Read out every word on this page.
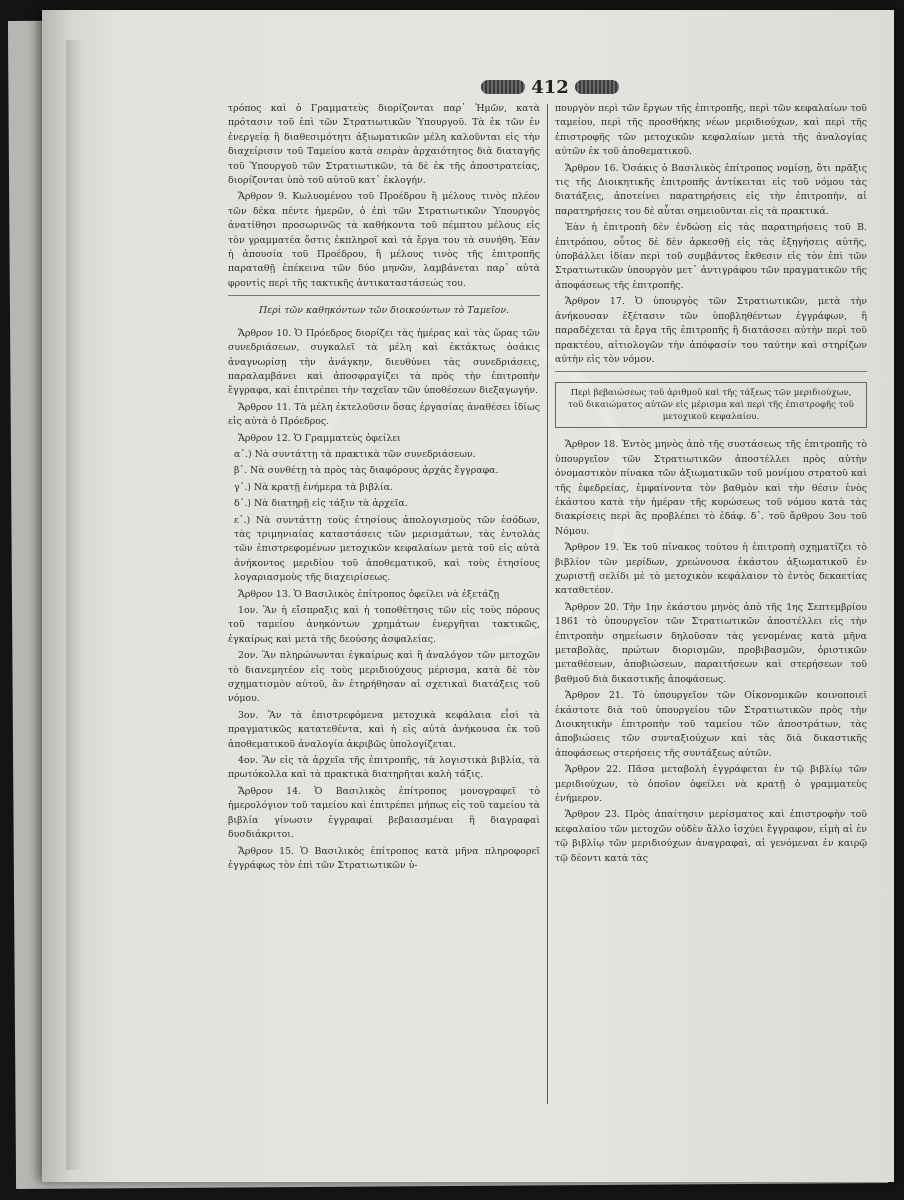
412

τρόπος καὶ ὁ Γραμματεὺς διορίζονται παρ᾽ Ἡμῶν, κατὰ πρότασιν τοῦ ἐπὶ τῶν Στρατιωτικῶν Ὑπουργοῦ. Τὰ ἐκ τῶν ἐν ἐνεργείᾳ ἢ διαθεσιμότητι ἀξιωματικῶν μέλη καλοῦνται εἰς τὴν διαχείρισιν τοῦ Ταμείου κατὰ σειρὰν ἀρχαιότητος διὰ διαταγῆς τοῦ Ὑπουργοῦ τῶν Στρατιωτικῶν, τὰ δὲ ἐκ τῆς ἀποστρατείας, διορίζονται ὑπὸ τοῦ αὐτοῦ κατ᾽ ἐκλογήν.

Ἄρθρον 9. Κωλυομένου τοῦ Προέδρου ἢ μέλους τινὸς πλέον τῶν δέκα πέντε ἡμερῶν, ὁ ἐπὶ τῶν Στρατιωτικῶν Ὑπουργὸς ἀνατίθησι προσωρινῶς τὰ καθήκοντα τοῦ πέμπτου μέλους εἰς τὸν γραμματέα ὅστις ἐκπληροῖ καὶ τὰ ἔργα του τὰ συνήθη. Ἐὰν ἡ ἀπουσία τοῦ Προέδρου, ἢ μέλους τινὸς τῆς ἐπιτροπῆς παραταθῇ ἐπέκεινα τῶν δύο μηνῶν, λαμβάνεται παρ᾽ αὐτὰ φροντὶς περὶ τῆς τακτικῆς ἀντικαταστάσεώς του.

Περὶ τῶν καθηκόντων τῶν διοικούντων τὸ Ταμεῖον.

Ἄρθρον 10. Ὁ Πρόεδρος διορίζει τὰς ἡμέρας καὶ τὰς ὥρας τῶν συνεδριάσεων, συγκαλεῖ τὰ μέλη καὶ ἐκτάκτως ὁσάκις ἀναγνωρίσῃ τὴν ἀνάγκην, διευθύνει τὰς συνεδριάσεις, παραλαμβάνει καὶ ἀποσφραγίζει τὰ πρὸς τὴν ἐπιτροπὴν ἔγγραφα, καὶ ἐπιτρέπει τὴν ταχεῖαν τῶν ὑποθέσεων διεξαγωγήν.

Ἄρθρον 11. Τὰ μέλη ἐκτελοῦσιν ὅσας ἐργασίας ἀναθέσει ἰδίως εἰς αὐτὰ ὁ Πρόεδρος.

Ἄρθρον 12. Ὁ Γραμματεὺς ὀφείλει

α᾽.) Νὰ συντάττῃ τὰ πρακτικὰ τῶν συνεδριάσεων.

β᾽. Νὰ συνθέτῃ τὰ πρὸς τὰς διαφόρους ἀρχὰς ἔγγραφα.

γ᾽.) Νὰ κρατῇ ἐνήμερα τὰ βιβλία.

δ᾽.) Νὰ διατηρῇ εἰς τάξιν τὰ ἀρχεῖα.

ε᾽.) Νὰ συντάττῃ τοὺς ἐτησίους ἀπολογισμοὺς τῶν ἐσόδων, τὰς τριμηνιαίας καταστάσεις τῶν μερισμάτων, τὰς ἐντολὰς τῶν ἐπιστρεφομένων μετοχικῶν κεφαλαίων μετὰ τοῦ εἰς αὐτὰ ἀνήκοντος μεριδίου τοῦ ἀποθεματικοῦ, καὶ τοὺς ἐτησίους λογαριασμοὺς τῆς διαχειρίσεως.

Ἄρθρον 13. Ὁ Βασιλικὸς ἐπίτροπος ὀφείλει νὰ ἐξετάζῃ

1ον. Ἂν ἡ εἴσπραξις καὶ ἡ τοποθέτησις τῶν εἰς τοὺς πόρους τοῦ ταμείου ἀνηκόντων χρημάτων ἐνεργῆται τακτικῶς, ἐγκαίρως καὶ μετὰ τῆς δεούσης ἀσφαλείας.

2ον. Ἂν πληρώνωνται ἐγκαίρως καὶ ἢ ἀναλόγον τῶν μετοχῶν τὸ διανεμητέον εἰς τοὺς μεριδιούχους μέρισμα, κατὰ δὲ τὸν σχηματισμὸν αὐτοῦ, ἂν ἐτηρήθησαν αἱ σχετικαὶ διατάξεις τοῦ νόμου.

3ον. Ἂν τὰ ἐπιστρεφόμενα μετοχικὰ κεφάλαια εἶσὶ τὰ πραγματικῶς κατατεθέντα, καὶ ἡ εἰς αὐτὰ ἀνήκουσα ἐκ τοῦ ἀποθεματικοῦ ἀναλογία ἀκριβῶς ὑπολογίζεται.

4ον. Ἂν εἰς τὰ ἀρχεῖα τῆς ἐπιτροπῆς, τὰ λογιστικὰ βιβλία, τὰ πρωτόκολλα καὶ τὰ πρακτικὰ διατηρῆται καλὴ τάξις.

Ἄρθρον 14. Ὁ Βασιλικὸς ἐπίτροπος μονογραφεῖ τὸ ἡμερολόγιον τοῦ ταμείου καὶ ἐπιτρέπει μήπως εἰς τοῦ ταμείου τὰ βιβλία γίνωσιν ἐγγραφαὶ βεβαιασμέναι ἢ διαγραφαὶ δυσδιάκριτοι.

Ἄρθρον 15. Ὁ Βασιλικὸς ἐπίτροπος κατὰ μῆνα πληροφορεῖ ἐγγράφως τὸν ἐπὶ τῶν Στρατιωτικῶν ὑ-

πουργὸν περὶ τῶν ἔργων τῆς ἐπιτροπῆς, περὶ τῶν κεφαλαίων τοῦ ταμείου, περὶ τῆς προσθήκης νέων μεριδιούχων, καὶ περὶ τῆς ἐπιστροφῆς τῶν μετοχικῶν κεφαλαίων μετὰ τῆς ἀναλογίας αὐτῶν ἐκ τοῦ ἀποθεματικοῦ.

Ἄρθρον 16. Ὁσάκις ὁ Βασιλικὸς ἐπίτροπος νομίσῃ, ὅτι πρᾶξις τις τῆς Διοικητικῆς ἐπιτροπῆς ἀντίκειται εἰς τοῦ νόμου τὰς διατάξεις, ἀποτείνει παρατηρήσεις εἰς τὴν ἐπιτροπὴν, αἱ παρατηρήσεις του δὲ αὗται σημειοῦνται εἰς τὰ πρακτικά.

Ἐὰν ἡ ἐπιτροπὴ δὲν ἐνδώσῃ εἰς τὰς παρατηρήσεις τοῦ Β. ἐπιτρόπου, οὗτος δὲ δὲν ἀρκεσθῇ εἰς τὰς ἐξηγήσεις αὐτῆς, ὑποβάλλει ἰδίαν περὶ τοῦ συμβάντος ἔκθεσιν εἰς τὸν ἐπὶ τῶν Στρατιωτικῶν ὑπουργὸν μετ᾽ ἀντιγράφου τῶν πραγματικῶν τῆς ἀποφάσεως τῆς ἐπιτροπῆς.

Ἄρθρον 17. Ὁ ὑπουργὸς τῶν Στρατιωτικῶν, μετὰ τὴν ἀνήκουσαν ἐξέτασιν τῶν ὑποβληθέντων ἐγγράφων, ἢ παραδέχεται τὰ ἔργα τῆς ἐπιτροπῆς ἢ διατάσσει αὐτὴν περὶ τοῦ πρακτέου, αἰτιολογῶν τὴν ἀπόφασίν του ταύτην καὶ στηρίζων αὐτὴν εἰς τὸν νόμον.

Περὶ βεβαιώσεως τοῦ ἀριθμοῦ καὶ τῆς τάξεως τῶν μεριδιούχων, τοῦ δικαιώματος αὐτῶν εἰς μέρισμα καὶ περὶ τῆς ἐπιστροφῆς τοῦ μετοχικοῦ κεφαλαίου.

Ἄρθρον 18. Ἐντὸς μηνὸς ἀπὸ τῆς συστάσεως τῆς ἐπιτροπῆς τὸ ὑπουργεῖον τῶν Στρατιωτικῶν ἀποστέλλει πρὸς αὐτὴν ὀνομαστικὸν πίνακα τῶν ἀξιωματικῶν τοῦ μονίμου στρατοῦ καὶ τῆς ἐφεδρείας, ἐμφαίνοντα τὸν βαθμὸν καὶ τὴν θέσιν ἑνὸς ἑκάστου κατὰ τὴν ἡμέραν τῆς κυρώσεως τοῦ νόμου κατὰ τὰς διακρίσεις περὶ ἃς προβλέπει τὸ ἐδάφ. δ᾽. τοῦ ἄρθρου 3ου τοῦ Νόμου.

Ἄρθρον 19. Ἐκ τοῦ πίνακος τούτου ἡ ἐπιτροπὴ σχηματίζει τὸ βιβλίον τῶν μερίδων, χρεώνουσα ἑκάστου ἀξιωματικοῦ ἐν χωριστῇ σελίδι μὲ τὸ μετοχικὸν κεφάλαιον τὸ ἐντὸς δεκαετίας καταθετέον.

Ἄρθρον 20. Τὴν 1ην ἑκάστου μηνὸς ἀπὸ τῆς 1ης Σεπτεμβρίου 1861 τὸ ὑπουργεῖον τῶν Στρατιωτικῶν ἀποστέλλει εἰς τὴν ἐπιτροπὴν σημείωσιν δηλοῦσαν τὰς γενομένας κατὰ μῆνα μεταβολὰς, πρώτων διορισμῶν, προβιβασμῶν, ὁριστικῶν μεταθέσεων, ἀποβιώσεων, παραιτήσεων καὶ στερήσεων τοῦ βαθμοῦ διὰ δικαστικῆς ἀποφάσεως.

Ἄρθρον 21. Τὸ ὑπουργεῖον τῶν Οἰκονομικῶν κοινοποιεῖ ἑκάστοτε διὰ τοῦ ὑπουργείου τῶν Στρατιωτικῶν πρὸς τὴν Διοικητικὴν ἐπιτροπὴν τοῦ ταμείου τῶν ἀποστράτων, τὰς ἀποβιώσεις τῶν συνταξιούχων καὶ τὰς διὰ δικαστικῆς ἀποφάσεως στερήσεις τῆς συντάξεως αὐτῶν.

Ἄρθρον 22. Πᾶσα μεταβολὴ ἐγγράφεται ἐν τῷ βιβλίῳ τῶν μεριδιούχων, τὸ ὁποῖον ὀφείλει νὰ κρατῇ ὁ γραμματεὺς ἐνήμερον.

Ἄρθρον 23. Πρὸς ἀπαίτησιν μερίσματος καὶ ἐπιστροφὴν τοῦ κεφαλαίου τῶν μετοχῶν οὐδὲν ἄλλο ἰσχύει ἔγγραφον, εἰμὴ αἱ ἐν τῷ βιβλίῳ τῶν μεριδιούχων ἀναγραφαὶ, αἱ γενόμεναι ἐν καιρῷ τῷ δέοντι κατὰ τὰς
